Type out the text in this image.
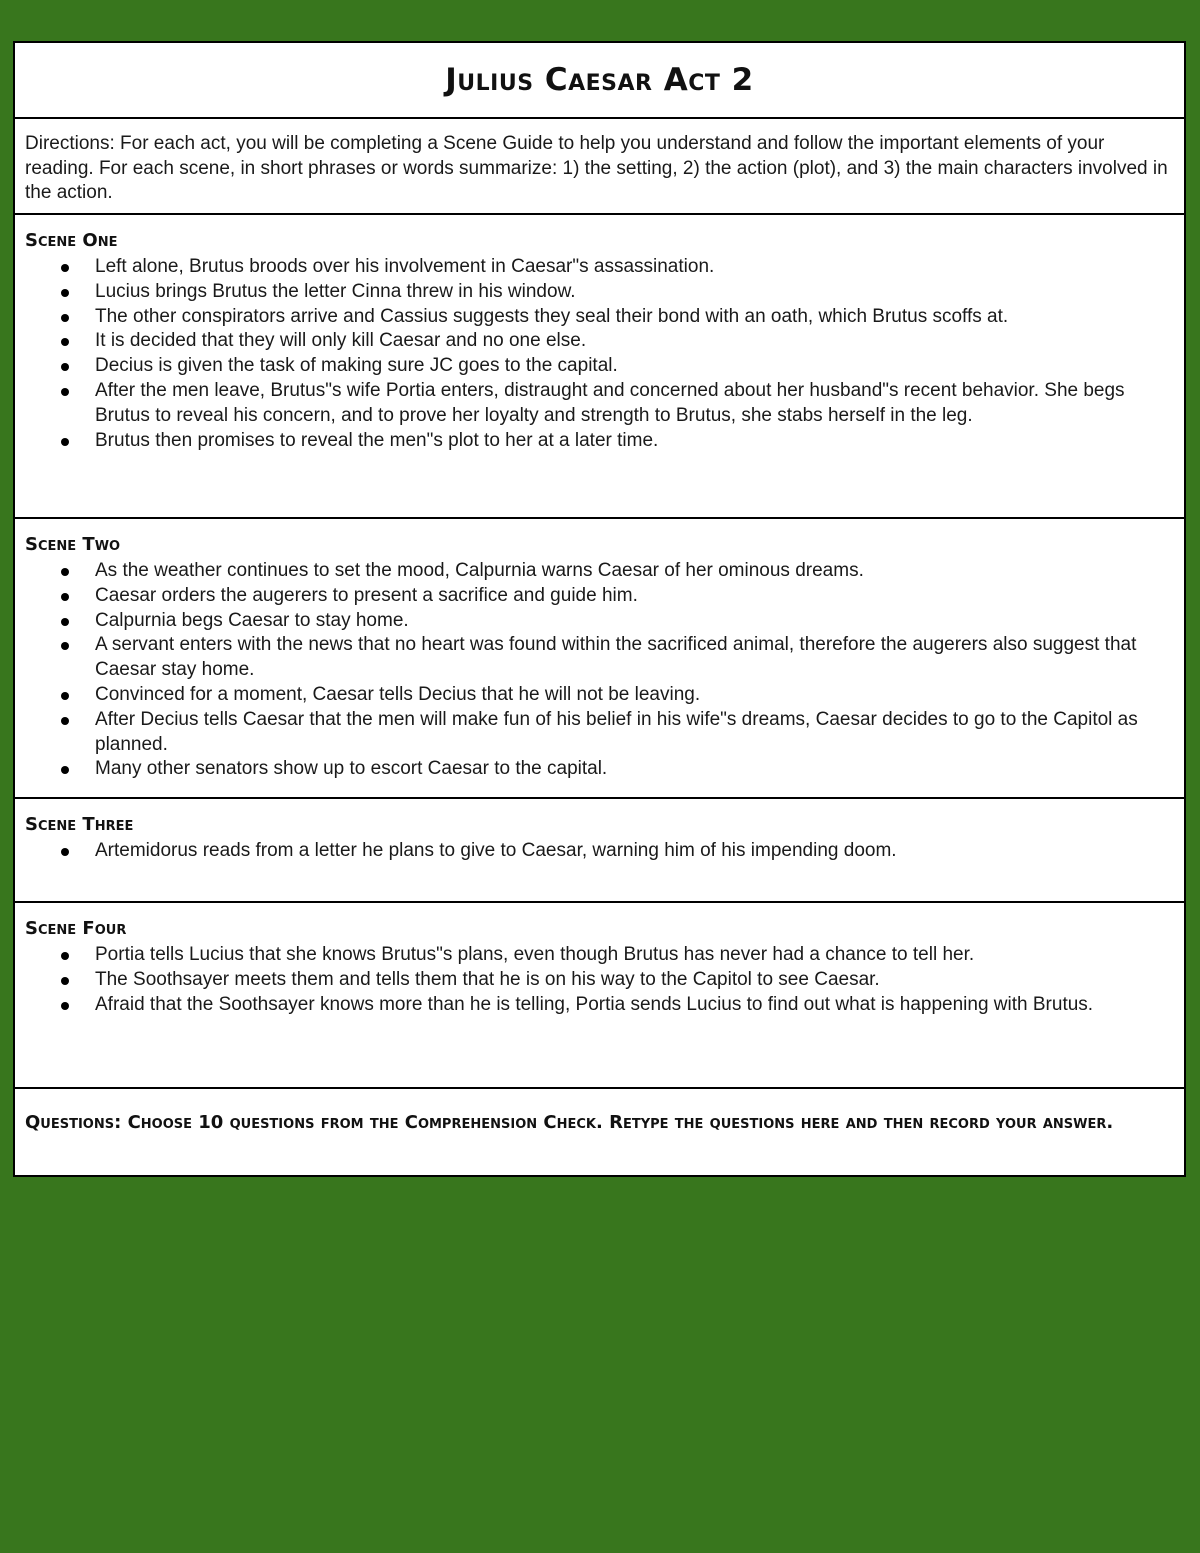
Julius Caesar Act 2

Directions: For each act, you will be completing a Scene Guide to help you understand and follow the important elements of your reading. For each scene, in short phrases or words summarize: 1) the setting, 2) the action (plot), and 3) the main characters involved in the action.

Scene One
Left alone, Brutus broods over his involvement in Caesar"s assassination.
Lucius brings Brutus the letter Cinna threw in his window.
The other conspirators arrive and Cassius suggests they seal their bond with an oath, which Brutus scoffs at.
It is decided that they will only kill Caesar and no one else.
Decius is given the task of making sure JC goes to the capital.
After the men leave, Brutus"s wife Portia enters, distraught and concerned about her husband"s recent behavior. She begs Brutus to reveal his concern, and to prove her loyalty and strength to Brutus, she stabs herself in the leg.
Brutus then promises to reveal the men"s plot to her at a later time.
Scene Two
As the weather continues to set the mood, Calpurnia warns Caesar of her ominous dreams.
Caesar orders the augerers to present a sacrifice and guide him.
Calpurnia begs Caesar to stay home.
A servant enters with the news that no heart was found within the sacrificed animal, therefore the augerers also suggest that Caesar stay home.
Convinced for a moment, Caesar tells Decius that he will not be leaving.
After Decius tells Caesar that the men will make fun of his belief in his wife"s dreams, Caesar decides to go to the Capitol as planned.
Many other senators show up to escort Caesar to the capital.
Scene Three
Artemidorus reads from a letter he plans to give to Caesar, warning him of his impending doom.
Scene Four
Portia tells Lucius that she knows Brutus"s plans, even though Brutus has never had a chance to tell her.
The Soothsayer meets them and tells them that he is on his way to the Capitol to see Caesar.
Afraid that the Soothsayer knows more than he is telling, Portia sends Lucius to find out what is happening with Brutus.

Questions: Choose 10 questions from the Comprehension Check. Retype the questions here and then record your answer.
